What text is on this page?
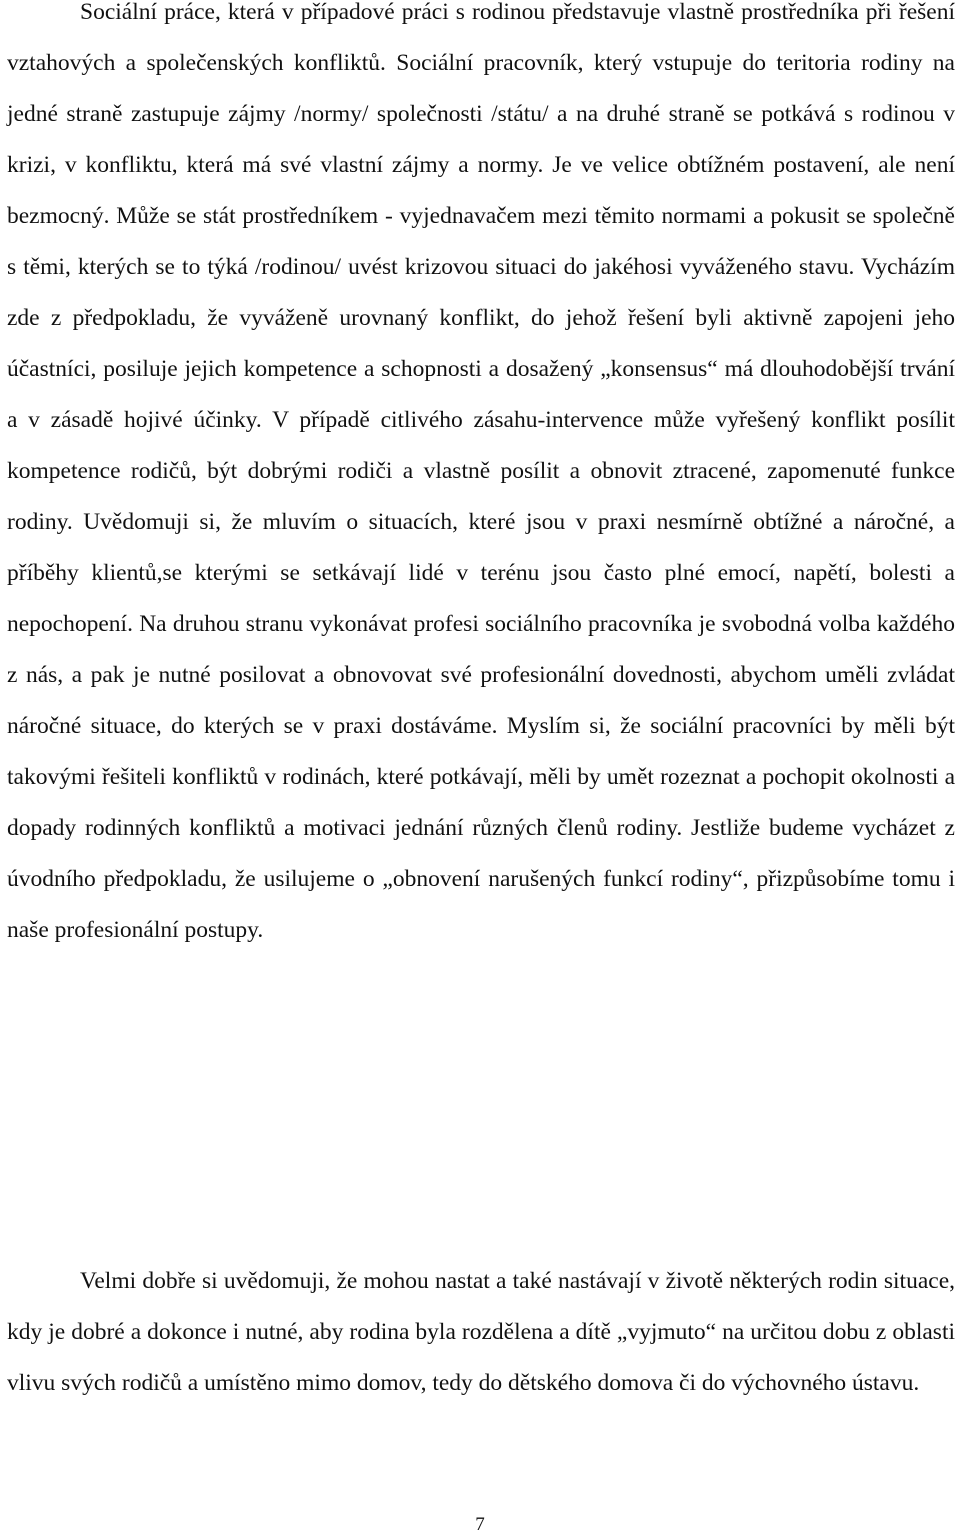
Sociální práce, která v případové práci s rodinou představuje vlastně prostředníka při řešení vztahových a společenských konfliktů. Sociální pracovník, který vstupuje do teritoria rodiny na jedné straně zastupuje zájmy /normy/ společnosti /státu/ a na druhé straně se potkává s rodinou v krizi, v konfliktu, která má své vlastní zájmy a normy. Je ve velice obtížném postavení, ale není bezmocný. Může se stát prostředníkem - vyjednavačem mezi těmito normami a pokusit se společně s těmi, kterých se to týká /rodinou/ uvést krizovou situaci do jakéhosi vyváženého stavu. Vycházím zde z předpokladu, že vyváženě urovnaný konflikt, do jehož řešení byli aktivně zapojeni jeho účastníci, posiluje jejich kompetence a schopnosti a dosažený „konsensus“ má dlouhodobější trvání a v zásadě hojivé účinky. V případě citlivého zásahu-intervence může vyřešený konflikt posílit kompetence rodičů, být dobrými rodiči a vlastně posílit a obnovit ztracené, zapomenuté funkce rodiny. Uvědomuji si, že mluvím o situacích, které jsou v praxi nesmírně obtížné a náročné, a příběhy klientů,se kterými se setkávají lidé v terénu jsou často plné emocí, napětí, bolesti a nepochopení. Na druhou stranu vykonávat profesi sociálního pracovníka je svobodná volba každého z nás, a pak je nutné posilovat a obnovovat své profesionální dovednosti, abychom uměli zvládat náročné situace, do kterých se v praxi dostáváme. Myslím si, že sociální pracovníci by měli být takovými řešiteli konfliktů v rodinách, které potkávají, měli by umět rozeznat a pochopit okolnosti a dopady rodinných konfliktů a motivaci jednání různých členů rodiny. Jestliže budeme vycházet z úvodního předpokladu, že usilujeme o „obnovení narušených funkcí rodiny“, přizpůsobíme tomu i naše profesionální postupy.

Velmi dobře si uvědomuji, že mohou nastat a také nastávají v životě některých rodin situace, kdy je dobré a dokonce i nutné, aby rodina byla rozdělena a dítě „vyjmuto“ na určitou dobu z oblasti vlivu svých rodičů a umístěno mimo domov, tedy do dětského domova či do výchovného ústavu.

7
